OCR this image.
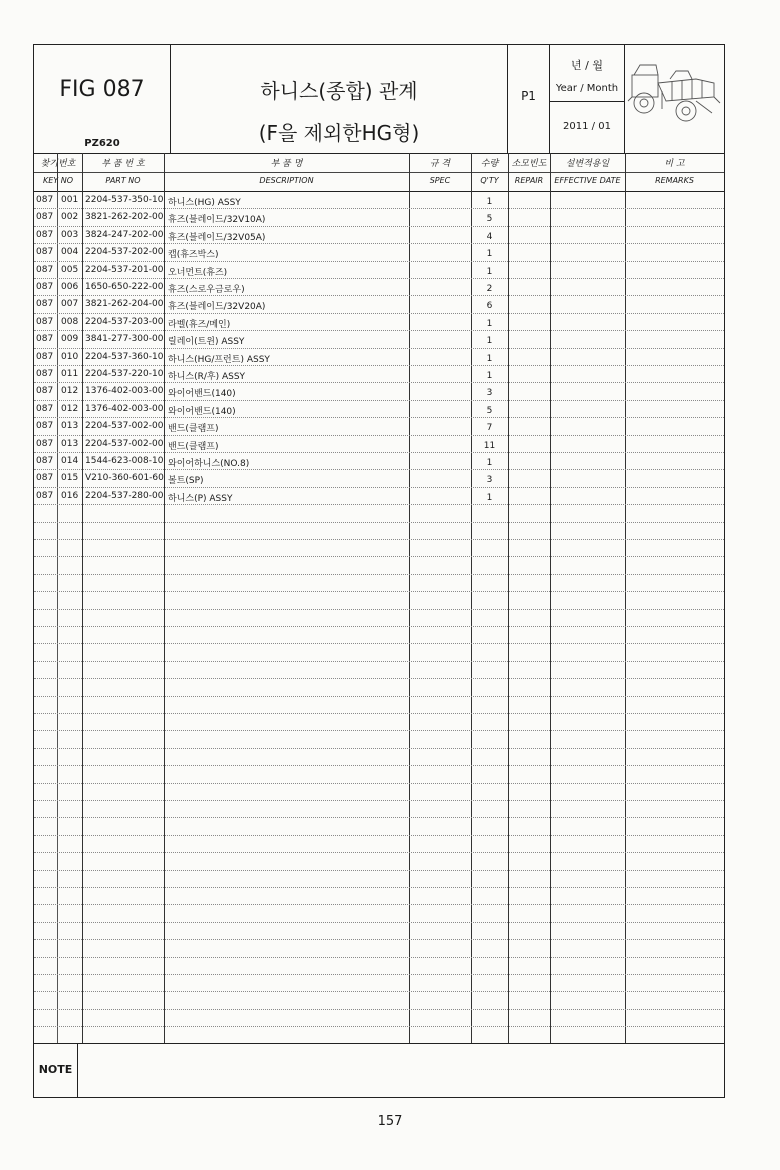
FIG 087
PZ620
하니스(종합) 관계
(F을 제외한HG형)
P1
년 / 월
Year / Month
2011 / 01
찾기번호
KEY NO
부 품 번 호
PART NO
부 품 명
DESCRIPTION
규 격
SPEC
수량
Q'TY
소모빈도
REPAIR
설변적용일
EFFECTIVE DATE
비 고
REMARKS
087 001 2204-537-350-10 하니스(HG) ASSY	1
087 002 3821-262-202-00 휴즈(블레이드/32V10A)	5
087 003 3824-247-202-00 휴즈(블레이드/32V05A)	4
087 004 2204-537-202-00 캡(휴즈박스)	1
087 005 2204-537-201-00 오너먼트(휴즈)	1
087 006 1650-650-222-00 휴즈(스로우금로우)	2
087 007 3821-262-204-00 휴즈(블레이드/32V20A)	6
087 008 2204-537-203-00 라벨(휴즈/메인)	1
087 009 3841-277-300-00 릴레이(트윈) ASSY	1
087 010 2204-537-360-10 하니스(HG/프런트) ASSY	1
087 011 2204-537-220-10 하니스(R/후) ASSY	1
087 012 1376-402-003-00 와이어밴드(140)	3
087 012 1376-402-003-00 와이어밴드(140)	5
087 013 2204-537-002-00 밴드(클램프)	7
087 013 2204-537-002-00 밴드(클램프)	11
087 014 1544-623-008-10 와이어하니스(NO.8)	1
087 015 V210-360-601-60 볼트(SP)	3
087 016 2204-537-280-00 하니스(P) ASSY	1
NOTE
157
